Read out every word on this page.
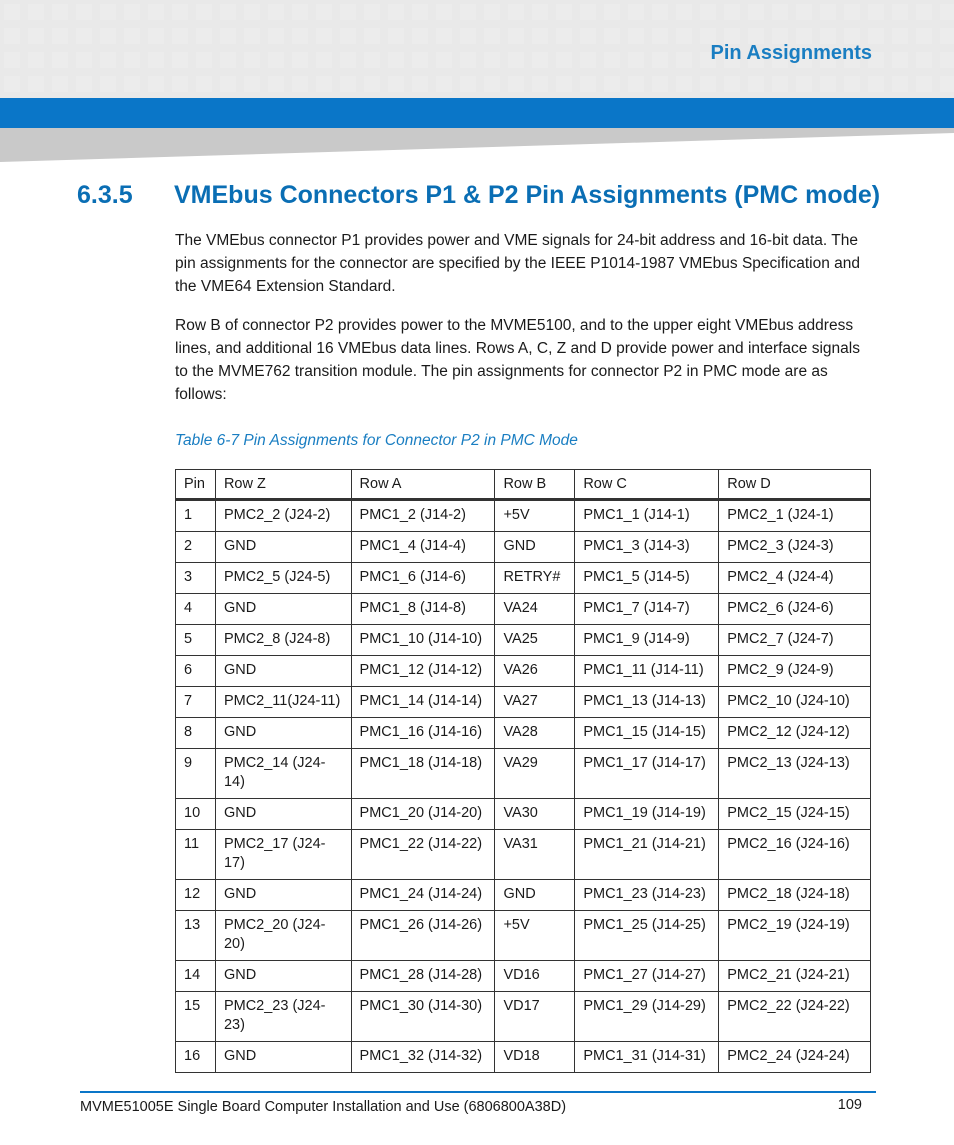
Pin Assignments
6.3.5 VMEbus Connectors P1 & P2 Pin Assignments (PMC mode)

The VMEbus connector P1 provides power and VME signals for 24-bit address and 16-bit data. The pin assignments for the connector are specified by the IEEE P1014-1987 VMEbus Specification and the VME64 Extension Standard.

Row B of connector P2 provides power to the MVME5100, and to the upper eight VMEbus address lines, and additional 16 VMEbus data lines. Rows A, C, Z and D provide power and interface signals to the MVME762 transition module. The pin assignments for connector P2 in PMC mode are as follows:

Table 6-7 Pin Assignments for Connector P2 in PMC Mode
Pin	Row Z	Row A	Row B	Row C	Row D
1	PMC2_2 (J24-2)	PMC1_2 (J14-2)	+5V	PMC1_1 (J14-1)	PMC2_1 (J24-1)
2	GND	PMC1_4 (J14-4)	GND	PMC1_3 (J14-3)	PMC2_3 (J24-3)
3	PMC2_5 (J24-5)	PMC1_6 (J14-6)	RETRY#	PMC1_5 (J14-5)	PMC2_4 (J24-4)
4	GND	PMC1_8 (J14-8)	VA24	PMC1_7 (J14-7)	PMC2_6 (J24-6)
5	PMC2_8 (J24-8)	PMC1_10 (J14-10)	VA25	PMC1_9 (J14-9)	PMC2_7 (J24-7)
6	GND	PMC1_12 (J14-12)	VA26	PMC1_11 (J14-11)	PMC2_9 (J24-9)
7	PMC2_11(J24-11)	PMC1_14 (J14-14)	VA27	PMC1_13 (J14-13)	PMC2_10 (J24-10)
8	GND	PMC1_16 (J14-16)	VA28	PMC1_15 (J14-15)	PMC2_12 (J24-12)
9	PMC2_14 (J24-14)	PMC1_18 (J14-18)	VA29	PMC1_17 (J14-17)	PMC2_13 (J24-13)
10	GND	PMC1_20 (J14-20)	VA30	PMC1_19 (J14-19)	PMC2_15 (J24-15)
11	PMC2_17 (J24-17)	PMC1_22 (J14-22)	VA31	PMC1_21 (J14-21)	PMC2_16 (J24-16)
12	GND	PMC1_24 (J14-24)	GND	PMC1_23 (J14-23)	PMC2_18 (J24-18)
13	PMC2_20 (J24-20)	PMC1_26 (J14-26)	+5V	PMC1_25 (J14-25)	PMC2_19 (J24-19)
14	GND	PMC1_28 (J14-28)	VD16	PMC1_27 (J14-27)	PMC2_21 (J24-21)
15	PMC2_23 (J24-23)	PMC1_30 (J14-30)	VD17	PMC1_29 (J14-29)	PMC2_22 (J24-22)
16	GND	PMC1_32 (J14-32)	VD18	PMC1_31 (J14-31)	PMC2_24 (J24-24)
MVME51005E Single Board Computer Installation and Use (6806800A38D)	109
